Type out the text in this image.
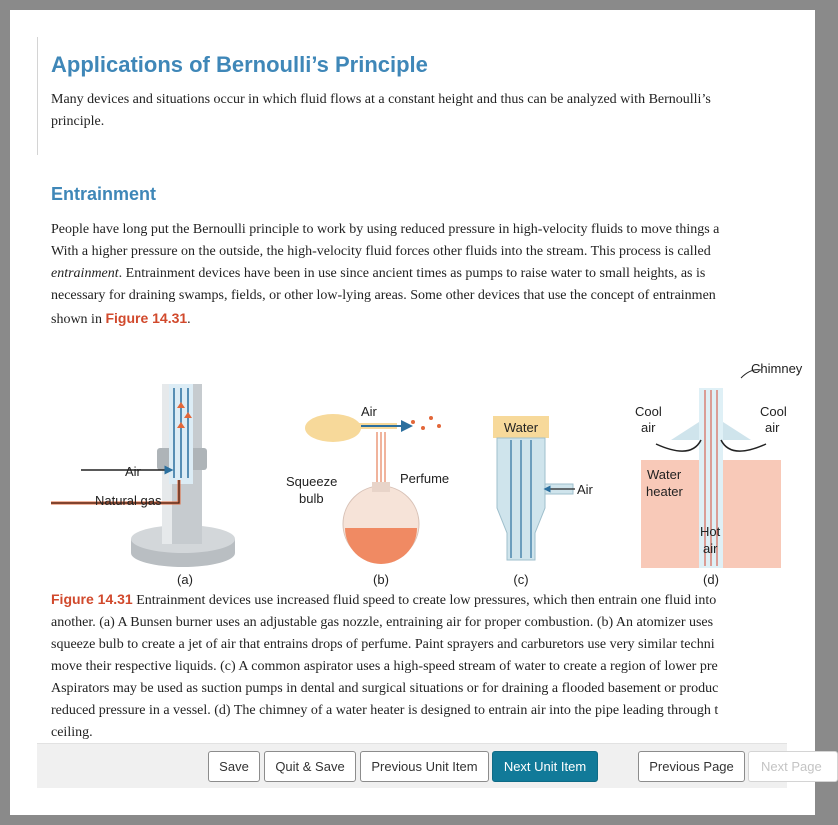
Applications of Bernoulli’s Principle
Many devices and situations occur in which fluid flows at a constant height and thus can be analyzed with Bernoulli’s
principle.
Entrainment
People have long put the Bernoulli principle to work by using reduced pressure in high-velocity fluids to move things a
With a higher pressure on the outside, the high-velocity fluid forces other fluids into the stream. This process is called
entrainment. Entrainment devices have been in use since ancient times as pumps to raise water to small heights, as is
necessary for draining swamps, fields, or other low-lying areas. Some other devices that use the concept of entrainmen
shown in Figure 14.31.
Air
Natural gas
(a)
Air
Squeeze
bulb
Perfume
(b)
Water
Air
(c)
Chimney
Cool
air
Cool
air
Water
heater
Hot
air
(d)
Figure 14.31 Entrainment devices use increased fluid speed to create low pressures, which then entrain one fluid into
another. (a) A Bunsen burner uses an adjustable gas nozzle, entraining air for proper combustion. (b) An atomizer uses
squeeze bulb to create a jet of air that entrains drops of perfume. Paint sprayers and carburetors use very similar techni
move their respective liquids. (c) A common aspirator uses a high-speed stream of water to create a region of lower pre
Aspirators may be used as suction pumps in dental and surgical situations or for draining a flooded basement or produc
reduced pressure in a vessel. (d) The chimney of a water heater is designed to entrain air into the pipe leading through t
ceiling.
Save	Quit & Save	Previous Unit Item	Next Unit Item	Previous Page	Next Page
